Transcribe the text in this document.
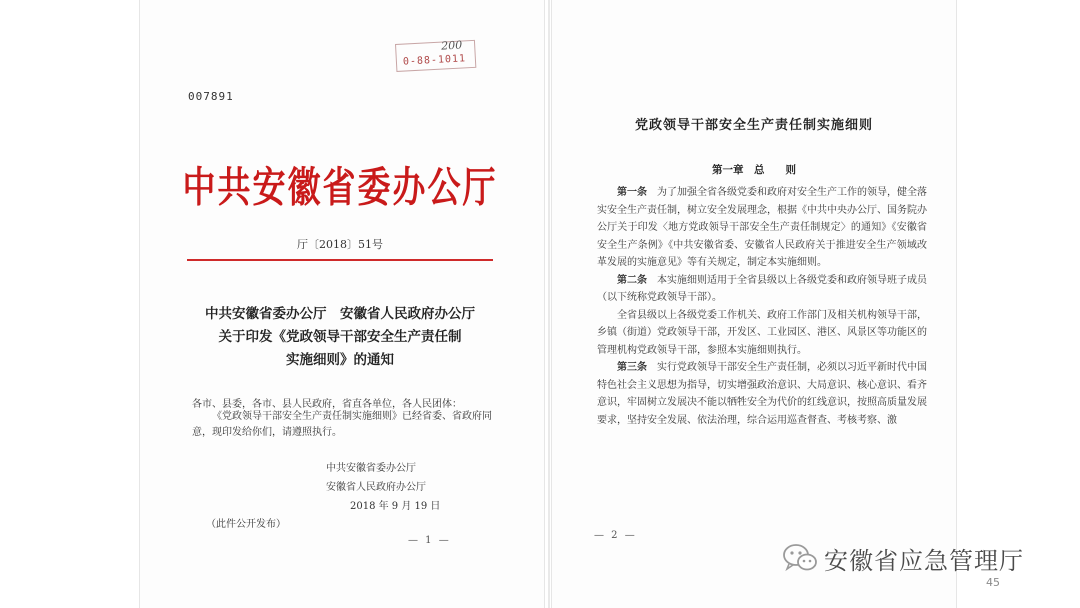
200
0-88-1011
007891
中共安徽省委办公厅
厅〔2018〕51号
中共安徽省委办公厅　安徽省人民政府办公厅
关于印发《党政领导干部安全生产责任制
实施细则》的通知
各市、县委，各市、县人民政府，省直各单位，各人民团体：
《党政领导干部安全生产责任制实施细则》已经省委、省政府同意，现印发给你们，请遵照执行。
中共安徽省委办公厅
安徽省人民政府办公厅
2018 年 9 月 19 日
（此件公开发布）
— 1 —
党政领导干部安全生产责任制实施细则
第一章　总　　则

第一条　为了加强全省各级党委和政府对安全生产工作的领导，健全落实安全生产责任制，树立安全发展理念，根据《中共中央办公厅、国务院办公厅关于印发〈地方党政领导干部安全生产责任制规定〉的通知》《安徽省安全生产条例》《中共安徽省委、安徽省人民政府关于推进安全生产领域改革发展的实施意见》等有关规定，制定本实施细则。

第二条　本实施细则适用于全省县级以上各级党委和政府领导班子成员（以下统称党政领导干部）。

全省县级以上各级党委工作机关、政府工作部门及相关机构领导干部，乡镇（街道）党政领导干部，开发区、工业园区、港区、风景区等功能区的管理机构党政领导干部，参照本实施细则执行。

第三条　实行党政领导干部安全生产责任制，必须以习近平新时代中国特色社会主义思想为指导，切实增强政治意识、大局意识、核心意识、看齐意识，牢固树立发展决不能以牺牲安全为代价的红线意识，按照高质量发展要求，坚持安全发展、依法治理，综合运用巡查督查、考核考察、激

— 2 —
安徽省应急管理厅
45
